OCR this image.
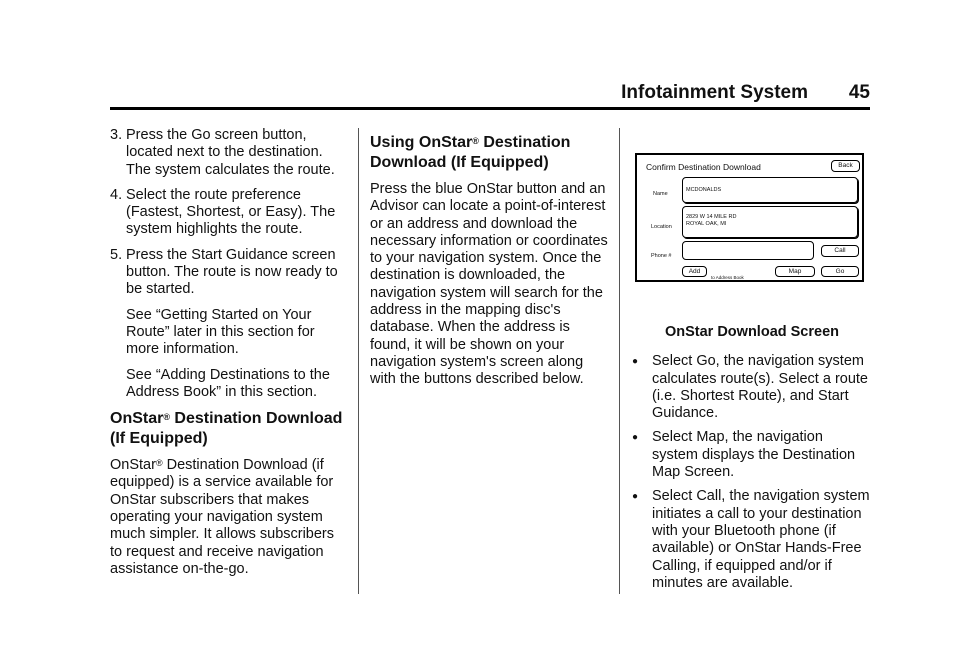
Infotainment System 45
3. Press the Go screen button, located next to the destination. The system calculates the route.
4. Select the route preference (Fastest, Shortest, or Easy). The system highlights the route.
5. Press the Start Guidance screen button. The route is now ready to be started.
See “Getting Started on Your Route” later in this section for more information.
See “Adding Destinations to the Address Book” in this section.
OnStar® Destination Download (If Equipped)

OnStar® Destination Download (if equipped) is a service available for OnStar subscribers that makes operating your navigation system much simpler. It allows subscribers to request and receive navigation assistance on-the-go.

Using OnStar® Destination Download (If Equipped)

Press the blue OnStar button and an Advisor can locate a point-of-interest or an address and download the necessary information or coordinates to your navigation system. Once the destination is downloaded, the navigation system will search for the address in the mapping disc's database. When the address is found, it will be shown on your navigation system's screen along with the buttons described below.

Confirm Destination Download	Back
Name
MCDONALDS
Location
2829 W 14 MILE RD
ROYAL OAK, MI
Phone #
Call
Add
to Address Book
Map	Go
OnStar Download Screen
● Select Go, the navigation system calculates route(s). Select a route (i.e. Shortest Route), and Start Guidance.
● Select Map, the navigation system displays the Destination Map Screen.
● Select Call, the navigation system initiates a call to your destination with your Bluetooth phone (if available) or OnStar Hands-Free Calling, if equipped and/or if minutes are available.
